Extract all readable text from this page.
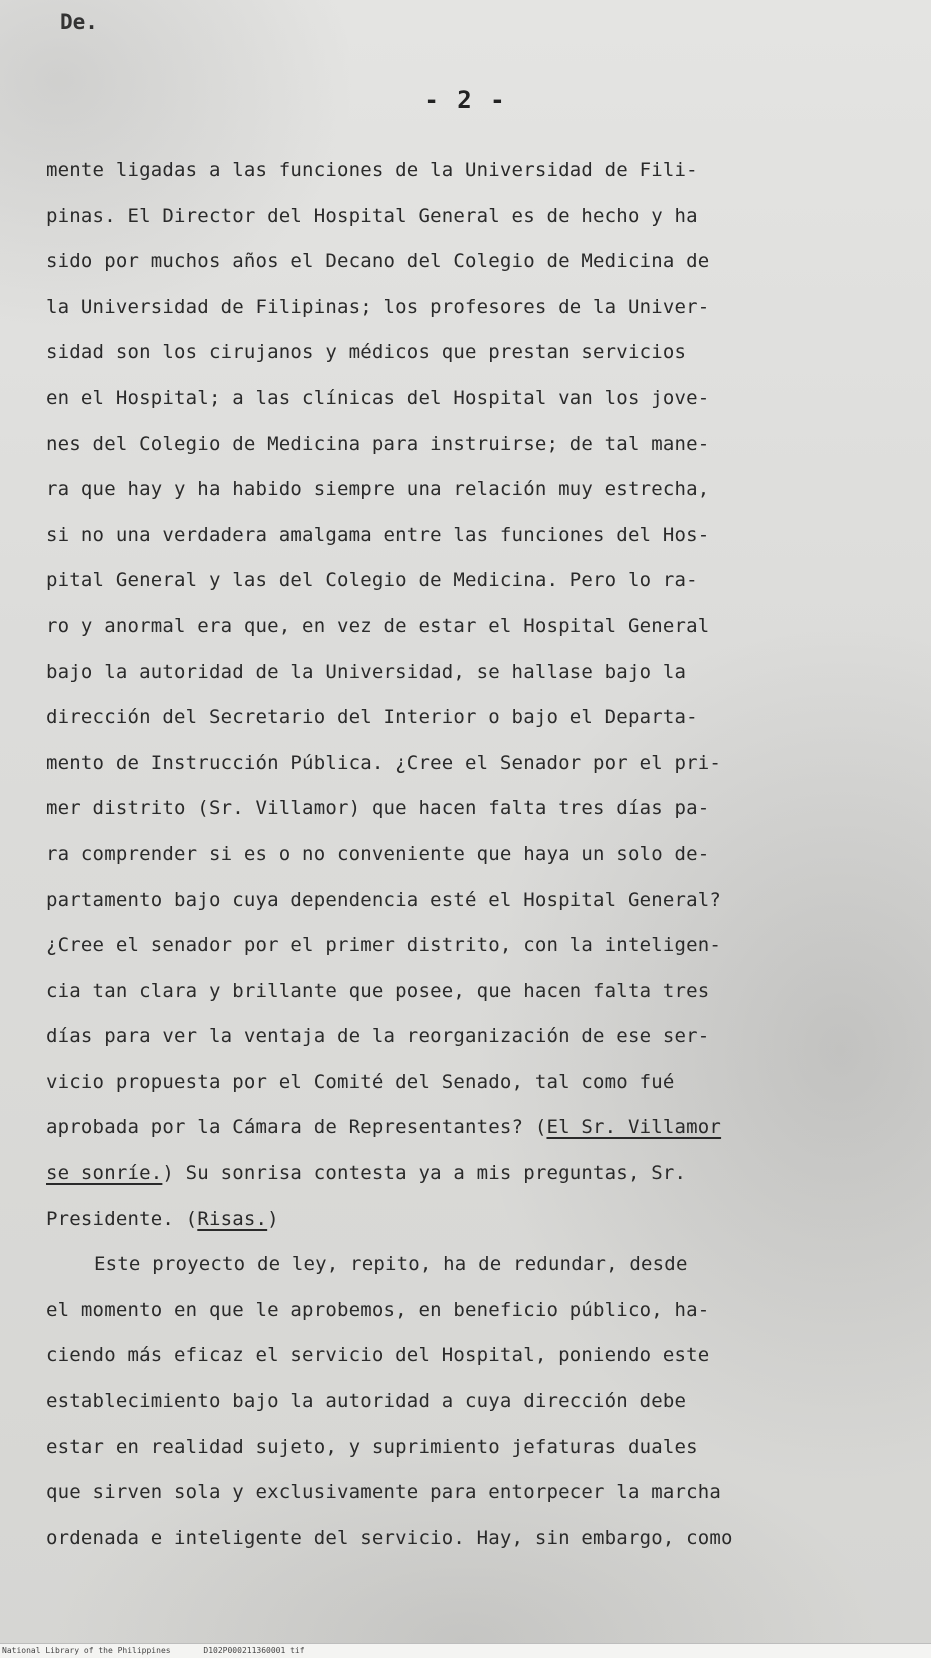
De.

- 2 -

mente ligadas a las funciones de la Universidad de Fili-

pinas. El Director del Hospital General es de hecho y ha

sido por muchos años el Decano del Colegio de Medicina de

la Universidad de Filipinas; los profesores de la Univer-

sidad son los cirujanos y médicos que prestan servicios

en el Hospital; a las clínicas del Hospital van los jove-

nes del Colegio de Medicina para instruirse; de tal mane-

ra que hay y ha habido siempre una relación muy estrecha,

si no una verdadera amalgama entre las funciones del Hos-

pital General y las del Colegio de Medicina. Pero lo ra-

ro y anormal era que, en vez de estar el Hospital General

bajo la autoridad de la Universidad, se hallase bajo la

dirección del Secretario del Interior o bajo el Departa-

mento de Instrucción Pública. ¿Cree el Senador por el pri-

mer distrito (Sr. Villamor) que hacen falta tres días pa-

ra comprender si es o no conveniente que haya un solo de-

partamento bajo cuya dependencia esté el Hospital General?

¿Cree el senador por el primer distrito, con la inteligen-

cia tan clara y brillante que posee, que hacen falta tres

días para ver la ventaja de la reorganización de ese ser-

vicio propuesta por el Comité del Senado, tal como fué

aprobada por la Cámara de Representantes? (El Sr. Villamor

se sonríe.) Su sonrisa contesta ya a mis preguntas, Sr.

Presidente. (Risas.)

Este proyecto de ley, repito, ha de redundar, desde

el momento en que le aprobemos, en beneficio público, ha-

ciendo más eficaz el servicio del Hospital, poniendo este

establecimiento bajo la autoridad a cuya dirección debe

estar en realidad sujeto, y suprimiento jefaturas duales

que sirven sola y exclusivamente para entorpecer la marcha

ordenada e inteligente del servicio. Hay, sin embargo, como

National Library of the Philippines	D102P000211360001 tif
